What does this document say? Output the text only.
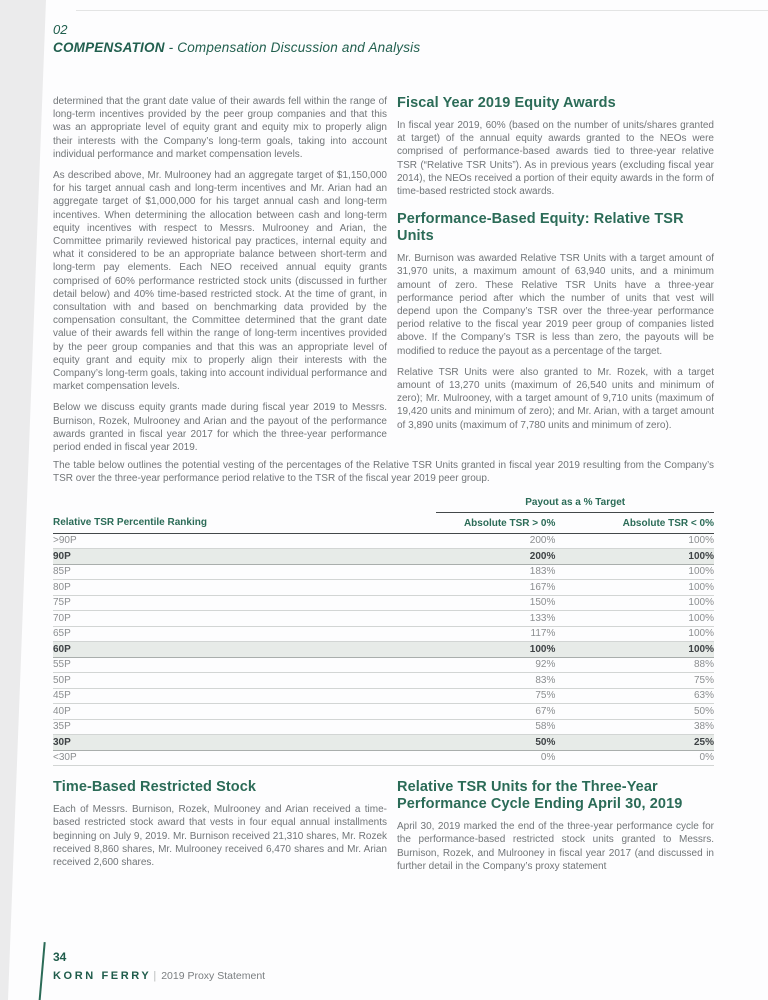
02
COMPENSATION - Compensation Discussion and Analysis

determined that the grant date value of their awards fell within the range of long-term incentives provided by the peer group companies and that this was an appropriate level of equity grant and equity mix to properly align their interests with the Company’s long-term goals, taking into account individual performance and market compensation levels.

As described above, Mr. Mulrooney had an aggregate target of $1,150,000 for his target annual cash and long-term incentives and Mr. Arian had an aggregate target of $1,000,000 for his target annual cash and long-term incentives. When determining the allocation between cash and long-term equity incentives with respect to Messrs. Mulrooney and Arian, the Committee primarily reviewed historical pay practices, internal equity and what it considered to be an appropriate balance between short-term and long-term pay elements. Each NEO received annual equity grants comprised of 60% performance restricted stock units (discussed in further detail below) and 40% time-based restricted stock. At the time of grant, in consultation with and based on benchmarking data provided by the compensation consultant, the Committee determined that the grant date value of their awards fell within the range of long-term incentives provided by the peer group companies and that this was an appropriate level of equity grant and equity mix to properly align their interests with the Company’s long-term goals, taking into account individual performance and market compensation levels.

Below we discuss equity grants made during fiscal year 2019 to Messrs. Burnison, Rozek, Mulrooney and Arian and the payout of the performance awards granted in fiscal year 2017 for which the three-year performance period ended in fiscal year 2019.

Fiscal Year 2019 Equity Awards

In fiscal year 2019, 60% (based on the number of units/shares granted at target) of the annual equity awards granted to the NEOs were comprised of performance-based awards tied to three-year relative TSR (“Relative TSR Units”). As in previous years (excluding fiscal year 2014), the NEOs received a portion of their equity awards in the form of time-based restricted stock awards.

Performance-Based Equity: Relative TSR Units

Mr. Burnison was awarded Relative TSR Units with a target amount of 31,970 units, a maximum amount of 63,940 units, and a minimum amount of zero. These Relative TSR Units have a three-year performance period after which the number of units that vest will depend upon the Company’s TSR over the three-year performance period relative to the fiscal year 2019 peer group of companies listed above. If the Company’s TSR is less than zero, the payouts will be modified to reduce the payout as a percentage of the target.

Relative TSR Units were also granted to Mr. Rozek, with a target amount of 13,270 units (maximum of 26,540 units and minimum of zero); Mr. Mulrooney, with a target amount of 9,710 units (maximum of 19,420 units and minimum of zero); and Mr. Arian, with a target amount of 3,890 units (maximum of 7,780 units and minimum of zero).

The table below outlines the potential vesting of the percentages of the Relative TSR Units granted in fiscal year 2019 resulting from the Company’s TSR over the three-year performance period relative to the TSR of the fiscal year 2019 peer group.

	Payout as a % Target	
Relative TSR Percentile Ranking	Absolute TSR > 0%	Absolute TSR < 0%
>90P	200%	100%
90P	200%	100%
85P	183%	100%
80P	167%	100%
75P	150%	100%
70P	133%	100%
65P	117%	100%
60P	100%	100%
55P	92%	88%
50P	83%	75%
45P	75%	63%
40P	67%	50%
35P	58%	38%
30P	50%	25%
<30P	0%	0%
Time-Based Restricted Stock

Each of Messrs. Burnison, Rozek, Mulrooney and Arian received a time-based restricted stock award that vests in four equal annual installments beginning on July 9, 2019. Mr. Burnison received 21,310 shares, Mr. Rozek received 8,860 shares, Mr. Mulrooney received 6,470 shares and Mr. Arian received 2,600 shares.

Relative TSR Units for the Three-Year Performance Cycle Ending April 30, 2019

April 30, 2019 marked the end of the three-year performance cycle for the performance-based restricted stock units granted to Messrs. Burnison, Rozek, and Mulrooney in fiscal year 2017 (and discussed in further detail in the Company’s proxy statement

34
KORN FERRY | 2019 Proxy Statement
